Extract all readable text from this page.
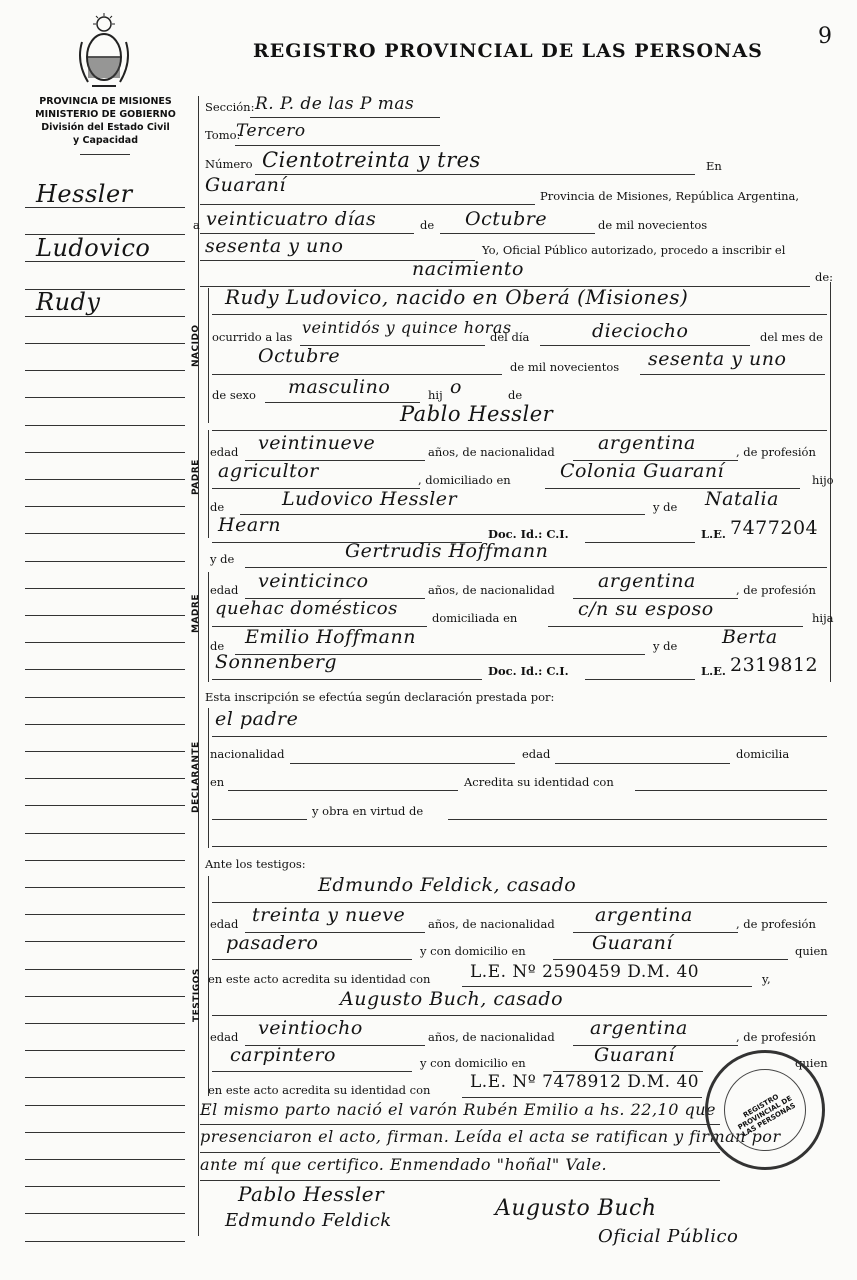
9
REGISTRO PROVINCIAL DE LAS PERSONAS
PROVINCIA DE MISIONES
MINISTERIO DE GOBIERNO
División del Estado Civil
y Capacidad
Hessler
Ludovico
Rudy
Sección: R. P. de las P mas
Tomo:
Tercero
Número Cientotreinta y tres	En
Guaraní	Provincia de Misiones, República Argentina,
a veinticuatro días	de Octubre	de mil novecientos
sesenta y uno	Yo, Oficial Público autorizado, procedo a inscribir el
nacimiento	de:
NACIDO
Rudy Ludovico, nacido en Oberá (Misiones)
ocurrido a las veintidós y quince horas
del día	dieciocho	del mes de
Octubre	de mil novecientos sesenta y uno
de sexo masculino	hij o	de
PADRE
Pablo Hessler
edad veintinueve	años, de nacionalidad argentina	, de profesión
agricultor	, domiciliado en	Colonia Guaraní	hijo
de	Ludovico Hessler	y de Natalia
Hearn	Doc. Id.: C.I.	L.E. 7477204
y de	Gertrudis Hoffmann
MADRE
edad veinticinco	años, de nacionalidad argentina	, de profesión
quehac domésticos	domiciliada en	c/n su esposo	hija
de Emilio Hoffmann	y de Berta
Sonnenberg	Doc. Id.: C.I.	L.E. 2319812
Esta inscripción se efectúa según declaración prestada por:
DECLARANTE
el padre
nacionalidad	edad	domicilia
en	Acredita su identidad con
y obra en virtud de
Ante los testigos:
TESTIGOS
Edmundo Feldick, casado
edad treinta y nueve años, de nacionalidad argentina	, de profesión
pasadero	y con domicilio en	Guaraní	quien
en este acto acredita su identidad con L.E. Nº 2590459 D.M. 40	y,
Augusto Buch, casado
edad veintiocho	años, de nacionalidad argentina	, de profesión
carpintero	y con domicilio en	Guaraní	quien
en este acto acredita su identidad con L.E. Nº 7478912 D.M. 40
El mismo parto nació el varón Rubén Emilio a hs. 22,10 que
presenciaron el acto, firman. Leída el acta se ratifican y firman por
ante mí que certifico. Enmendado "hoñal" Vale.
Pablo Hessler
Edmundo Feldick	Augusto Buch
Oficial Público
REGISTRO PROVINCIAL DE LAS PERSONAS
